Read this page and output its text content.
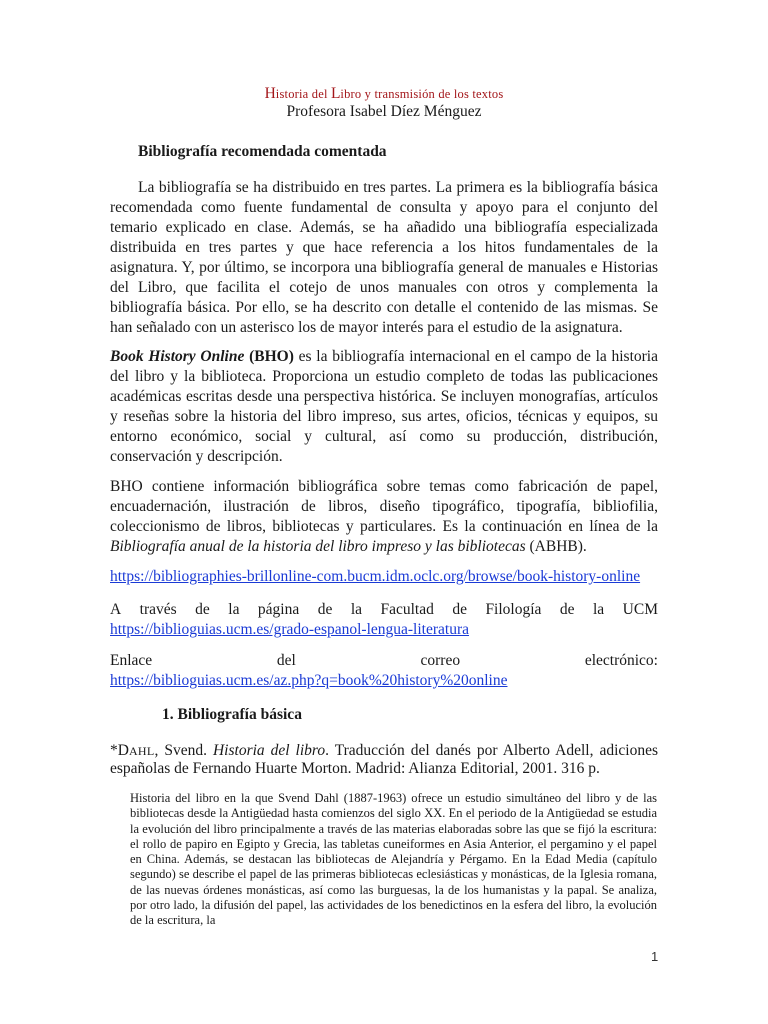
Historia del Libro y transmisión de los textos
Profesora Isabel Díez Ménguez
Bibliografía recomendada comentada
La bibliografía se ha distribuido en tres partes. La primera es la bibliografía básica recomendada como fuente fundamental de consulta y apoyo para el conjunto del temario explicado en clase. Además, se ha añadido una bibliografía especializada distribuida en tres partes y que hace referencia a los hitos fundamentales de la asignatura. Y, por último, se incorpora una bibliografía general de manuales e Historias del Libro, que facilita el cotejo de unos manuales con otros y complementa la bibliografía básica. Por ello, se ha descrito con detalle el contenido de las mismas. Se han señalado con un asterisco los de mayor interés para el estudio de la asignatura.
Book History Online (BHO) es la bibliografía internacional en el campo de la historia del libro y la biblioteca. Proporciona un estudio completo de todas las publicaciones académicas escritas desde una perspectiva histórica. Se incluyen monografías, artículos y reseñas sobre la historia del libro impreso, sus artes, oficios, técnicas y equipos, su entorno económico, social y cultural, así como su producción, distribución, conservación y descripción.
BHO contiene información bibliográfica sobre temas como fabricación de papel, encuadernación, ilustración de libros, diseño tipográfico, tipografía, bibliofilia, coleccionismo de libros, bibliotecas y particulares. Es la continuación en línea de la Bibliografía anual de la historia del libro impreso y las bibliotecas (ABHB).
https://bibliographies-brillonline-com.bucm.idm.oclc.org/browse/book-history-online
A través de la página de la Facultad de Filología de la UCM
https://biblioguias.ucm.es/grado-espanol-lengua-literatura
Enlace	del	correo	electrónico:
https://biblioguias.ucm.es/az.php?q=book%20history%20online
1. Bibliografía básica
*DAHL, Svend. Historia del libro. Traducción del danés por Alberto Adell, adiciones españolas de Fernando Huarte Morton. Madrid: Alianza Editorial, 2001. 316 p.
Historia del libro en la que Svend Dahl (1887-1963) ofrece un estudio simultáneo del libro y de las bibliotecas desde la Antigüedad hasta comienzos del siglo XX. En el periodo de la Antigüedad se estudia la evolución del libro principalmente a través de las materias elaboradas sobre las que se fijó la escritura: el rollo de papiro en Egipto y Grecia, las tabletas cuneiformes en Asia Anterior, el pergamino y el papel en China. Además, se destacan las bibliotecas de Alejandría y Pérgamo. En la Edad Media (capítulo segundo) se describe el papel de las primeras bibliotecas eclesiásticas y monásticas, de la Iglesia romana, de las nuevas órdenes monásticas, así como las burguesas, la de los humanistas y la papal. Se analiza, por otro lado, la difusión del papel, las actividades de los benedictinos en la esfera del libro, la evolución de la escritura, la
1
